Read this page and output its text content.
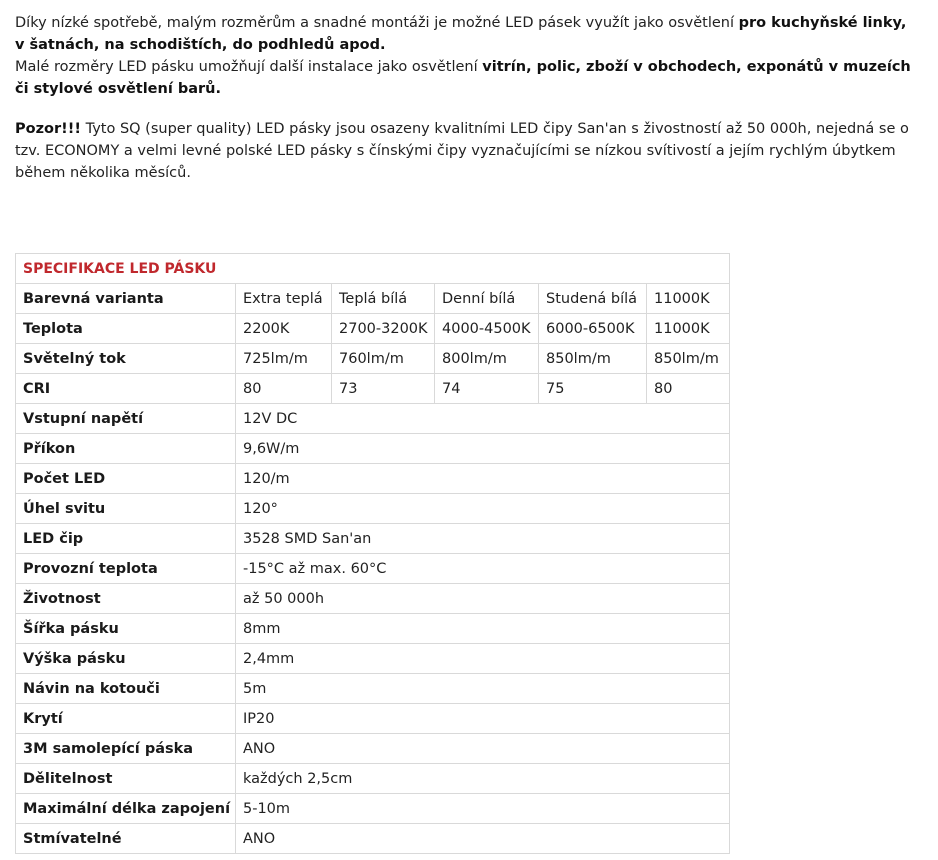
Díky nízké spotřebě, malým rozměrům a snadné montáži je možné LED pásek využít jako osvětlení pro kuchyňské linky, v šatnách, na schodištích, do podhledů apod.

Malé rozměry LED pásku umožňují další instalace jako osvětlení vitrín, polic, zboží v obchodech, exponátů v muzeích či stylové osvětlení barů.

Pozor!!! Tyto SQ (super quality) LED pásky jsou osazeny kvalitními LED čipy San'an s živostností až 50 000h, nejedná se o tzv. ECONOMY a velmi levné polské LED pásky s čínskými čipy vyznačujícími se nízkou svítivostí a jejím rychlým úbytkem během několika měsíců.

SPECIFIKACE LED PÁSKU					
Barevná varianta	Extra teplá	Teplá bílá	Denní bílá	Studená bílá	11000K
Teplota	2200K	2700-3200K	4000-4500K	6000-6500K	11000K
Světelný tok	725lm/m	760lm/m	800lm/m	850lm/m	850lm/m
CRI	80	73	74	75	80
Vstupní napětí	12V DC				
Příkon	9,6W/m				
Počet LED	120/m				
Úhel svitu	120°				
LED čip	3528 SMD San'an				
Provozní teplota	-15°C až max. 60°C				
Životnost	až 50 000h				
Šířka pásku	8mm				
Výška pásku	2,4mm				
Návin na kotouči	5m				
Krytí	IP20				
3M samolepící páska	ANO				
Dělitelnost	každých 2,5cm				
Maximální délka zapojení	5-10m				
Stmívatelné	ANO				
